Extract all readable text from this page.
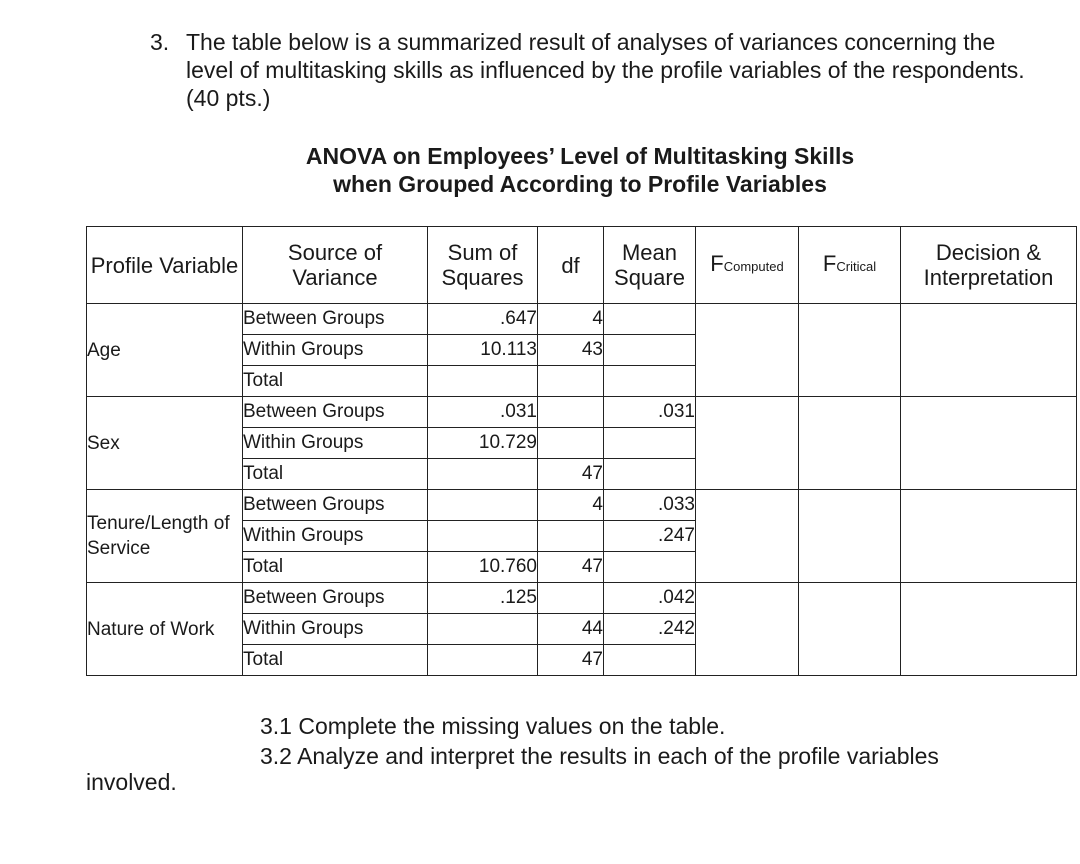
3. The table below is a summarized result of analyses of variances concerning the level of multitasking skills as influenced by the profile variables of the respondents. (40 pts.)
ANOVA on Employees’ Level of Multitasking Skills
when Grouped According to Profile Variables
Profile Variable	Source of Variance	Sum of Squares	df	Mean Square	FComputed	FCritical	Decision & Interpretation
Age	Between Groups	.647	4				
	Within Groups	10.113	43				
	Total						
Sex	Between Groups	.031		.031			
	Within Groups	10.729					
	Total		47				
Tenure/Length of Service	Between Groups		4	.033			
	Within Groups			.247			
	Total	10.760	47				
Nature of Work	Between Groups	.125		.042			
	Within Groups		44	.242			
	Total		47				
3.1 Complete the missing values on the table.
3.2 Analyze and interpret the results in each of the profile variables
involved.
